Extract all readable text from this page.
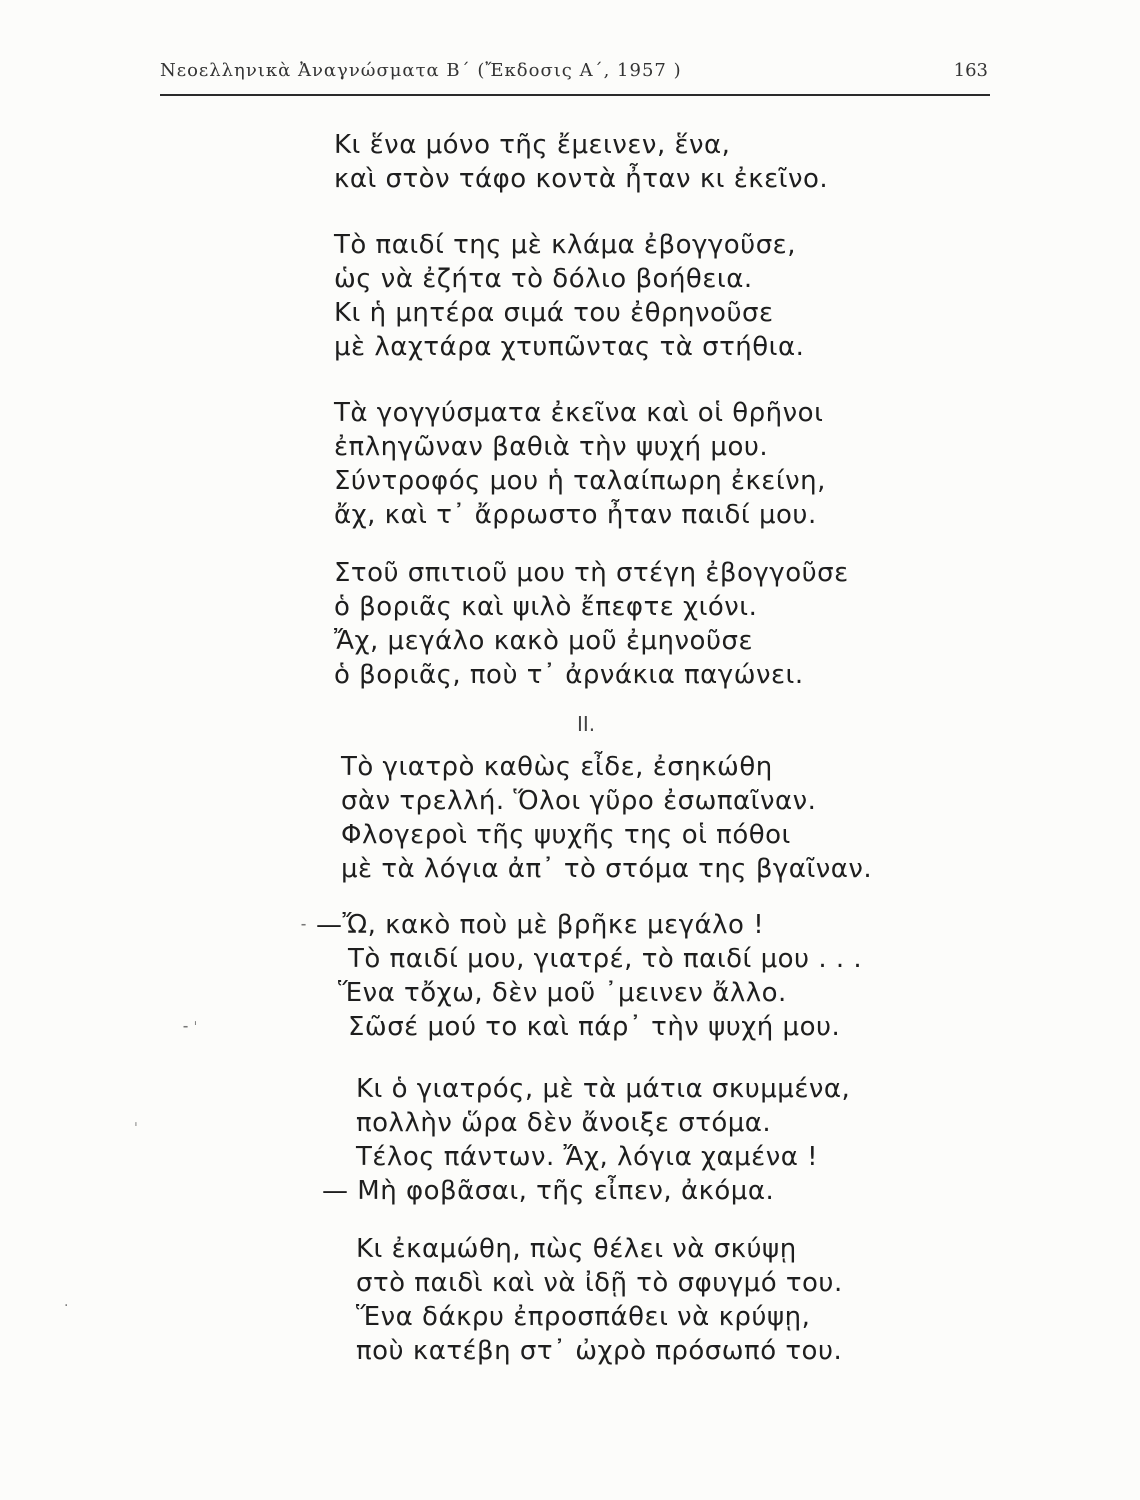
Νεοελληνικὰ Ἀναγνώσματα Β΄ (Ἔκδοσις Α΄, 1957 )	163
Κι ἕνα μόνο τῆς ἔμεινεν, ἕνα,
καὶ στὸν τάφο κοντὰ ἦταν κι ἐκεῖνο.
Τὸ παιδί της μὲ κλάμα ἐβογγοῦσε,
ὡς νὰ ἐζήτα τὸ δόλιο βοήθεια.
Κι ἡ μητέρα σιμά του ἐθρηνοῦσε
μὲ λαχτάρα χτυπῶντας τὰ στήθια.
Τὰ γογγύσματα ἐκεῖνα καὶ οἱ θρῆνοι
ἐπληγῶναν βαθιὰ τὴν ψυχή μου.
Σύντροφός μου ἡ ταλαίπωρη ἐκείνη,
ἄχ, καὶ τ᾽ ἄρρωστο ἦταν παιδί μου.
Στοῦ σπιτιοῦ μου τὴ στέγη ἐβογγοῦσε
ὁ βοριᾶς καὶ ψιλὸ ἔπεφτε χιόνι.
Ἄχ, μεγάλο κακὸ μοῦ ἐμηνοῦσε
ὁ βοριᾶς, ποὺ τ᾽ ἀρνάκια παγώνει.
II.
Τὸ γιατρὸ καθὼς εἶδε, ἐσηκώθη
σὰν τρελλή. Ὅλοι γῦρο ἐσωπαῖναν.
Φλογεροὶ τῆς ψυχῆς της οἱ πόθοι
μὲ τὰ λόγια ἀπ᾽ τὸ στόμα της βγαῖναν.
—Ὤ, κακὸ ποὺ μὲ βρῆκε μεγάλο !
Τὸ παιδί μου, γιατρέ, τὸ παιδί μου . . .
Ἕνα τὄχω, δὲν μοῦ ᾽μεινεν ἄλλο.
Σῶσέ μού το καὶ πάρ᾽ τὴν ψυχή μου.
Κι ὁ γιατρός, μὲ τὰ μάτια σκυμμένα,
πολλὴν ὥρα δὲν ἄνοιξε στόμα.
Τέλος πάντων. Ἄχ, λόγια χαμένα !
— Μὴ φοβᾶσαι, τῆς εἶπεν, ἀκόμα.
Κι ἐκαμώθη, πὼς θέλει νὰ σκύψῃ
στὸ παιδὶ καὶ νὰ ἰδῇ τὸ σφυγμό του.
Ἕνα δάκρυ ἐπροσπάθει νὰ κρύψῃ,
ποὺ κατέβη στ᾽ ὠχρὸ πρόσωπό του.
⁃
⁃ ˈ
ˌ
·
